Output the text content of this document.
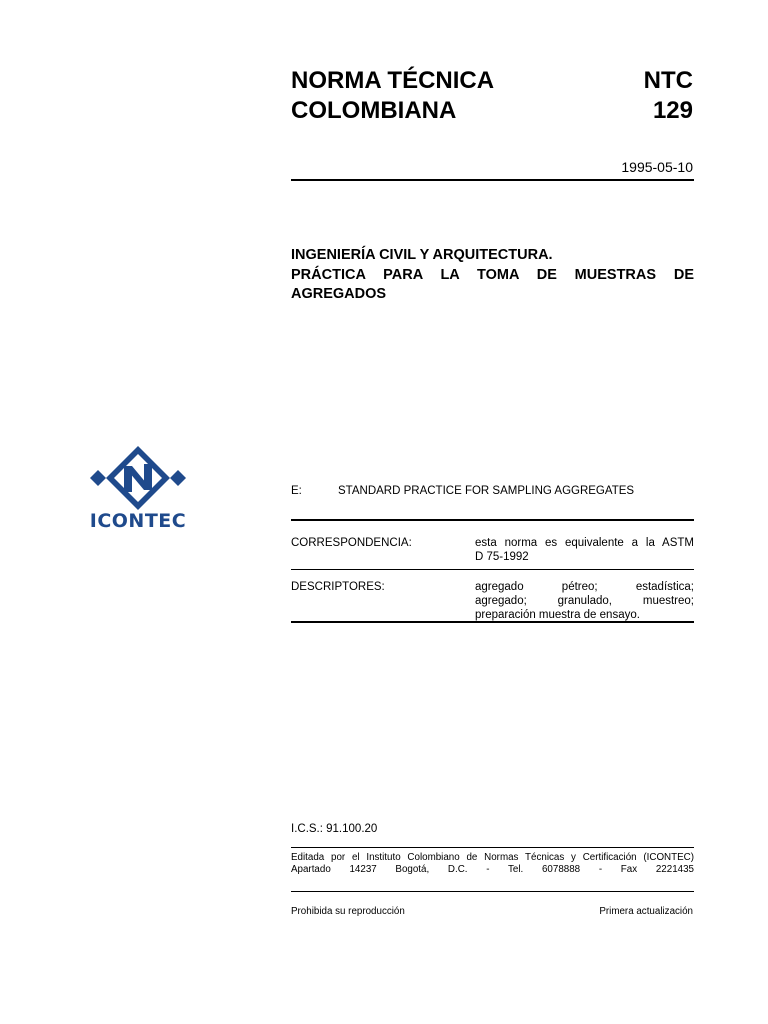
NORMA TÉCNICA
COLOMBIANA
NTC
129
1995-05-10
INGENIERÍA CIVIL Y ARQUITECTURA.
PRÁCTICA PARA LA TOMA DE MUESTRAS DE
AGREGADOS
ICONTEC
E:	STANDARD PRACTICE FOR SAMPLING AGGREGATES
CORRESPONDENCIA:	esta norma es equivalente a la ASTM
D 75-1992
DESCRIPTORES:	agregado pétreo; estadística;
agregado; granulado, muestreo;
preparación muestra de ensayo.
I.C.S.: 91.100.20
Editada por el Instituto Colombiano de Normas Técnicas y Certificación (ICONTEC)
Apartado 14237 Bogotá, D.C. - Tel. 6078888 - Fax 2221435
Prohibida su reproducción	Primera actualización
